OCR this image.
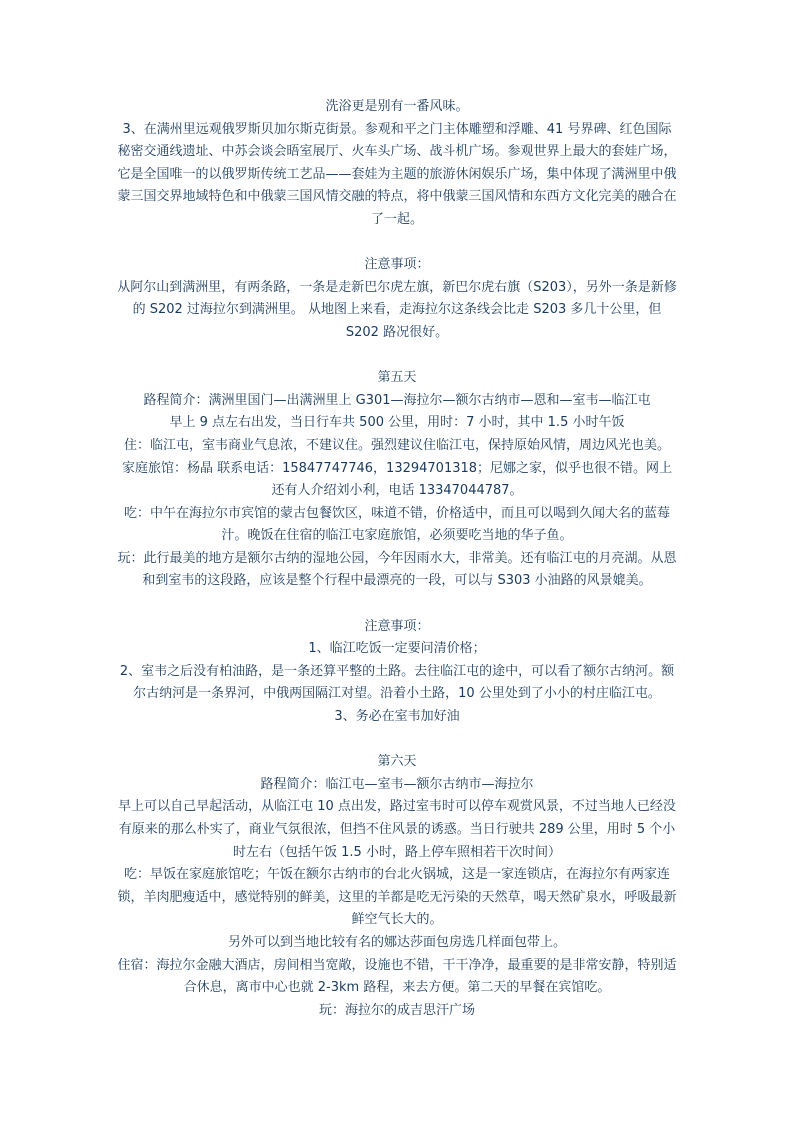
洗浴更是别有一番风味。

3、在满州里远观俄罗斯贝加尔斯克街景。参观和平之门主体雕塑和浮雕、41 号界碑、红色国际秘密交通线遗址、中苏会谈会晤室展厅、火车头广场、战斗机广场。参观世界上最大的套娃广场，它是全国唯一的以俄罗斯传统工艺品——套娃为主题的旅游休闲娱乐广场，集中体现了满洲里中俄蒙三国交界地域特色和中俄蒙三国风情交融的特点，将中俄蒙三国风情和东西方文化完美的融合在了一起。

注意事项：

从阿尔山到满洲里，有两条路，一条是走新巴尔虎左旗，新巴尔虎右旗（S203），另外一条是新修的 S202 过海拉尔到满洲里。 从地图上来看，走海拉尔这条线会比走 S203 多几十公里，但 S202 路况很好。

第五天

路程简介：满洲里国门—出满洲里上 G301—海拉尔—额尔古纳市—恩和—室韦—临江屯

早上 9 点左右出发，当日行车共 500 公里，用时：7 小时，其中 1.5 小时午饭

住：临江屯，室韦商业气息浓，不建议住。强烈建议住临江屯，保持原始风情，周边风光也美。

家庭旅馆：杨晶 联系电话：15847747746，13294701318；尼娜之家，似乎也很不错。网上还有人介绍刘小利，电话 13347044787。

吃：中午在海拉尔市宾馆的蒙古包餐饮区，味道不错，价格适中，而且可以喝到久闻大名的蓝莓汁。晚饭在住宿的临江屯家庭旅馆，必须要吃当地的华子鱼。

玩：此行最美的地方是额尔古纳的湿地公园，今年因雨水大，非常美。还有临江屯的月亮湖。从恩和到室韦的这段路，应该是整个行程中最漂亮的一段，可以与 S303 小油路的风景媲美。

注意事项：

1、临江吃饭一定要问清价格；

2、室韦之后没有柏油路，是一条还算平整的土路。去往临江屯的途中，可以看了额尔古纳河。额尔古纳河是一条界河，中俄两国隔江对望。沿着小土路，10 公里处到了小小的村庄临江屯。

3、务必在室韦加好油

第六天

路程简介：临江屯—室韦—额尔古纳市—海拉尔

早上可以自己早起活动，从临江屯 10 点出发，路过室韦时可以停车观赏风景，不过当地人已经没有原来的那么朴实了，商业气氛很浓，但挡不住风景的诱惑。当日行驶共 289 公里，用时 5 个小时左右（包括午饭 1.5 小时，路上停车照相若干次时间）

吃：早饭在家庭旅馆吃；午饭在额尔古纳市的台北火锅城，这是一家连锁店，在海拉尔有两家连锁，羊肉肥瘦适中，感觉特别的鲜美，这里的羊都是吃无污染的天然草，喝天然矿泉水，呼吸最新鲜空气长大的。

另外可以到当地比较有名的娜达莎面包房选几样面包带上。

住宿：海拉尔金融大酒店，房间相当宽敞，设施也不错，干干净净，最重要的是非常安静，特别适合休息，离市中心也就 2-3km 路程，来去方便。第二天的早餐在宾馆吃。

玩：海拉尔的成吉思汗广场
